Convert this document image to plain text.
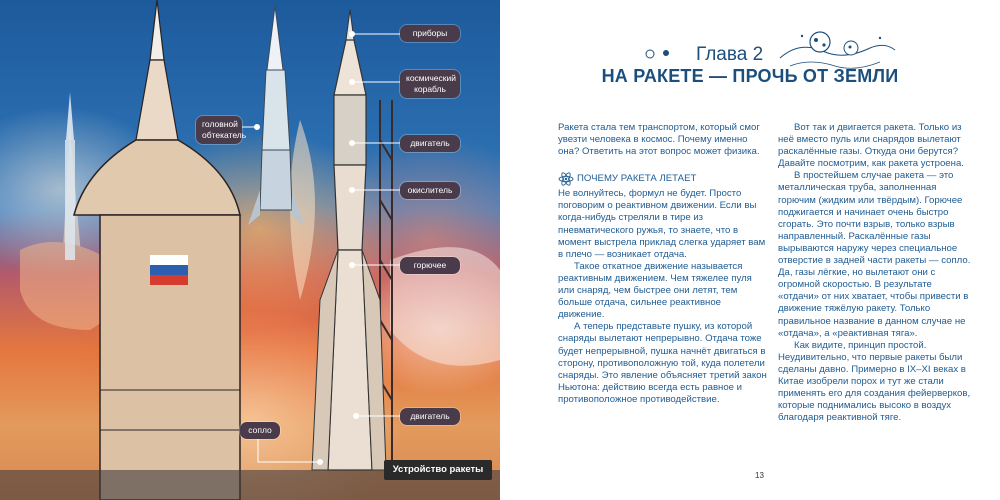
приборы
космический корабль
головной обтекатель
двигатель
окислитель
горючее
сопло
двигатель
Устройство ракеты
Глава 2
НА РАКЕТЕ — ПРОЧЬ ОТ ЗЕМЛИ

Ракета стала тем транспортом, который смог увезти человека в космос. Почему именно она? Ответить на этот вопрос может физика.

ПОЧЕМУ РАКЕТА ЛЕТАЕТ

Не волнуйтесь, формул не будет. Просто поговорим о реактивном движении. Если вы когда-нибудь стреляли в тире из пневматического ружья, то знаете, что в момент выстрела приклад слегка ударяет вам в плечо — возникает отдача.

Такое откатное движение называется реактивным движением. Чем тяжелее пуля или снаряд, чем быстрее они летят, тем больше отдача, сильнее реактивное движение.

А теперь представьте пушку, из которой снаряды вылетают непрерывно. Отдача тоже будет непрерывной, пушка начнёт двигаться в сторону, противоположную той, куда полетели снаряды. Это явление объясняет третий закон Ньютона: действию всегда есть равное и противоположное противодействие.

Вот так и двигается ракета. Только из неё вместо пуль или снарядов вылетают раскалённые газы. Откуда они берутся? Давайте посмотрим, как ракета устроена.

В простейшем случае ракета — это металлическая труба, заполненная горючим (жидким или твёрдым). Горючее поджигается и начинает очень быстро сгорать. Это почти взрыв, только взрыв направленный. Раскалённые газы вырываются наружу через специальное отверстие в задней части ракеты — сопло. Да, газы лёгкие, но вылетают они с огромной скоростью. В результате «отдачи» от них хватает, чтобы привести в движение тяжёлую ракету. Только правильное название в данном случае не «отдача», а «реактивная тяга».

Как видите, принцип простой. Неудивительно, что первые ракеты были сделаны давно. Примерно в IX–XI веках в Китае изобрели порох и тут же стали применять его для создания фейерверков, которые поднимались высоко в воздух благодаря реактивной тяге.

13
